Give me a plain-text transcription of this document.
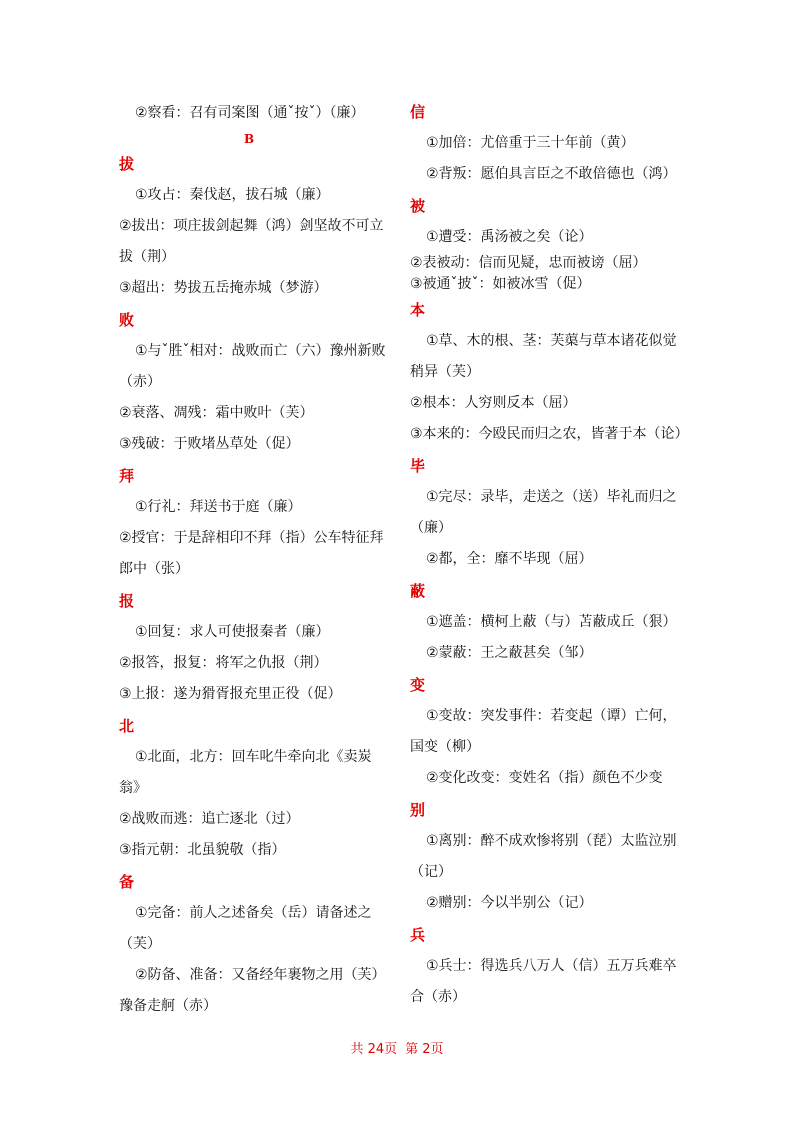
B
②察看：召有司案图（通ˇ按ˇ）（廉）
拔
①攻占：秦伐赵，拔石城（廉）
②拔出：项庄拔剑起舞（鸿）剑坚故不可立
拔（荆）
③超出：势拔五岳掩赤城（梦游）
败
①与ˇ胜ˇ相对：战败而亡（六）豫州新败
（赤）
②衰落、凋残：霜中败叶（芙）
③残破：于败堵丛草处（促）
拜
①行礼：拜送书于庭（廉）
②授官：于是辞相印不拜（指）公车特征拜
郎中（张）
报
①回复：求人可使报秦者（廉）
②报答，报复：将军之仇报（荆）
③上报：遂为猾胥报充里正役（促）
北
①北面，北方：回车叱牛牵向北《卖炭
翁》
②战败而逃：追亡逐北（过）
③指元朝：北虽貌敬（指）
备
①完备：前人之述备矣（岳）请备述之
（芙）
②防备、准备：又备经年裹物之用（芙）
豫备走舸（赤）
信
①加倍：尤倍重于三十年前（黄）
②背叛：愿伯具言臣之不敢倍德也（鸿）
被
①遭受：禹汤被之矣（论）
②表被动：信而见疑，忠而被谤（屈）
③被通ˇ披ˇ：如被冰雪（促）
本
①草、木的根、茎：芙蕖与草本诸花似觉
稍异（芙）
②根本：人穷则反本（屈）
③本来的：今殴民而归之农，皆著于本（论）
毕
①完尽：录毕，走送之（送）毕礼而归之
（廉）
②都，全：靡不毕现（屈）
蔽
①遮盖：横柯上蔽（与）苫蔽成丘（狠）
②蒙蔽：王之蔽甚矣（邹）
变
①变故：突发事件：若变起（谭）亡何，
国变（柳）
②变化改变：变姓名（指）颜色不少变
别
①离别：醉不成欢惨将别（琵）太监泣别
（记）
②赠别：今以半别公（记）
兵
①兵士：得选兵八万人（信）五万兵难卒
合（赤）
共 24页 第 2页
